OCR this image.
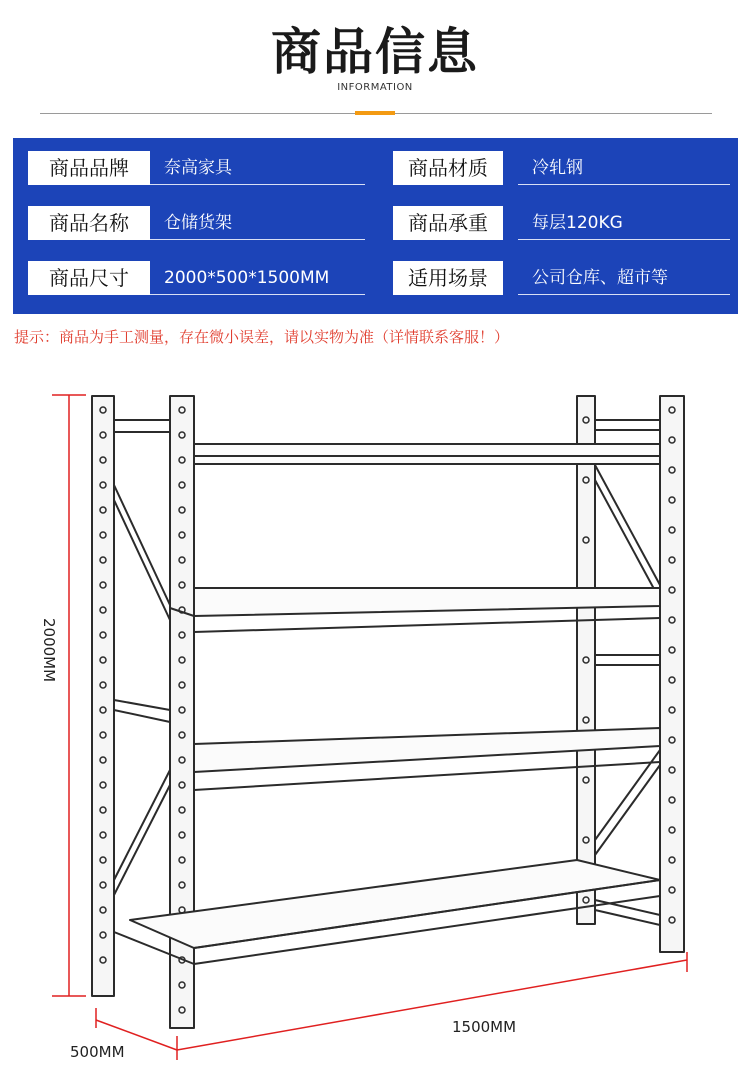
商品信息
INFORMATION
商品品牌	奈高家具	商品材质	冷轧钢
商品名称	仓储货架	商品承重	每层120KG
商品尺寸	2000*500*1500MM	适用场景	公司仓库、超市等
提示：商品为手工测量，存在微小误差，请以实物为准（详情联系客服！）
2000MM
1500MM
500MM
